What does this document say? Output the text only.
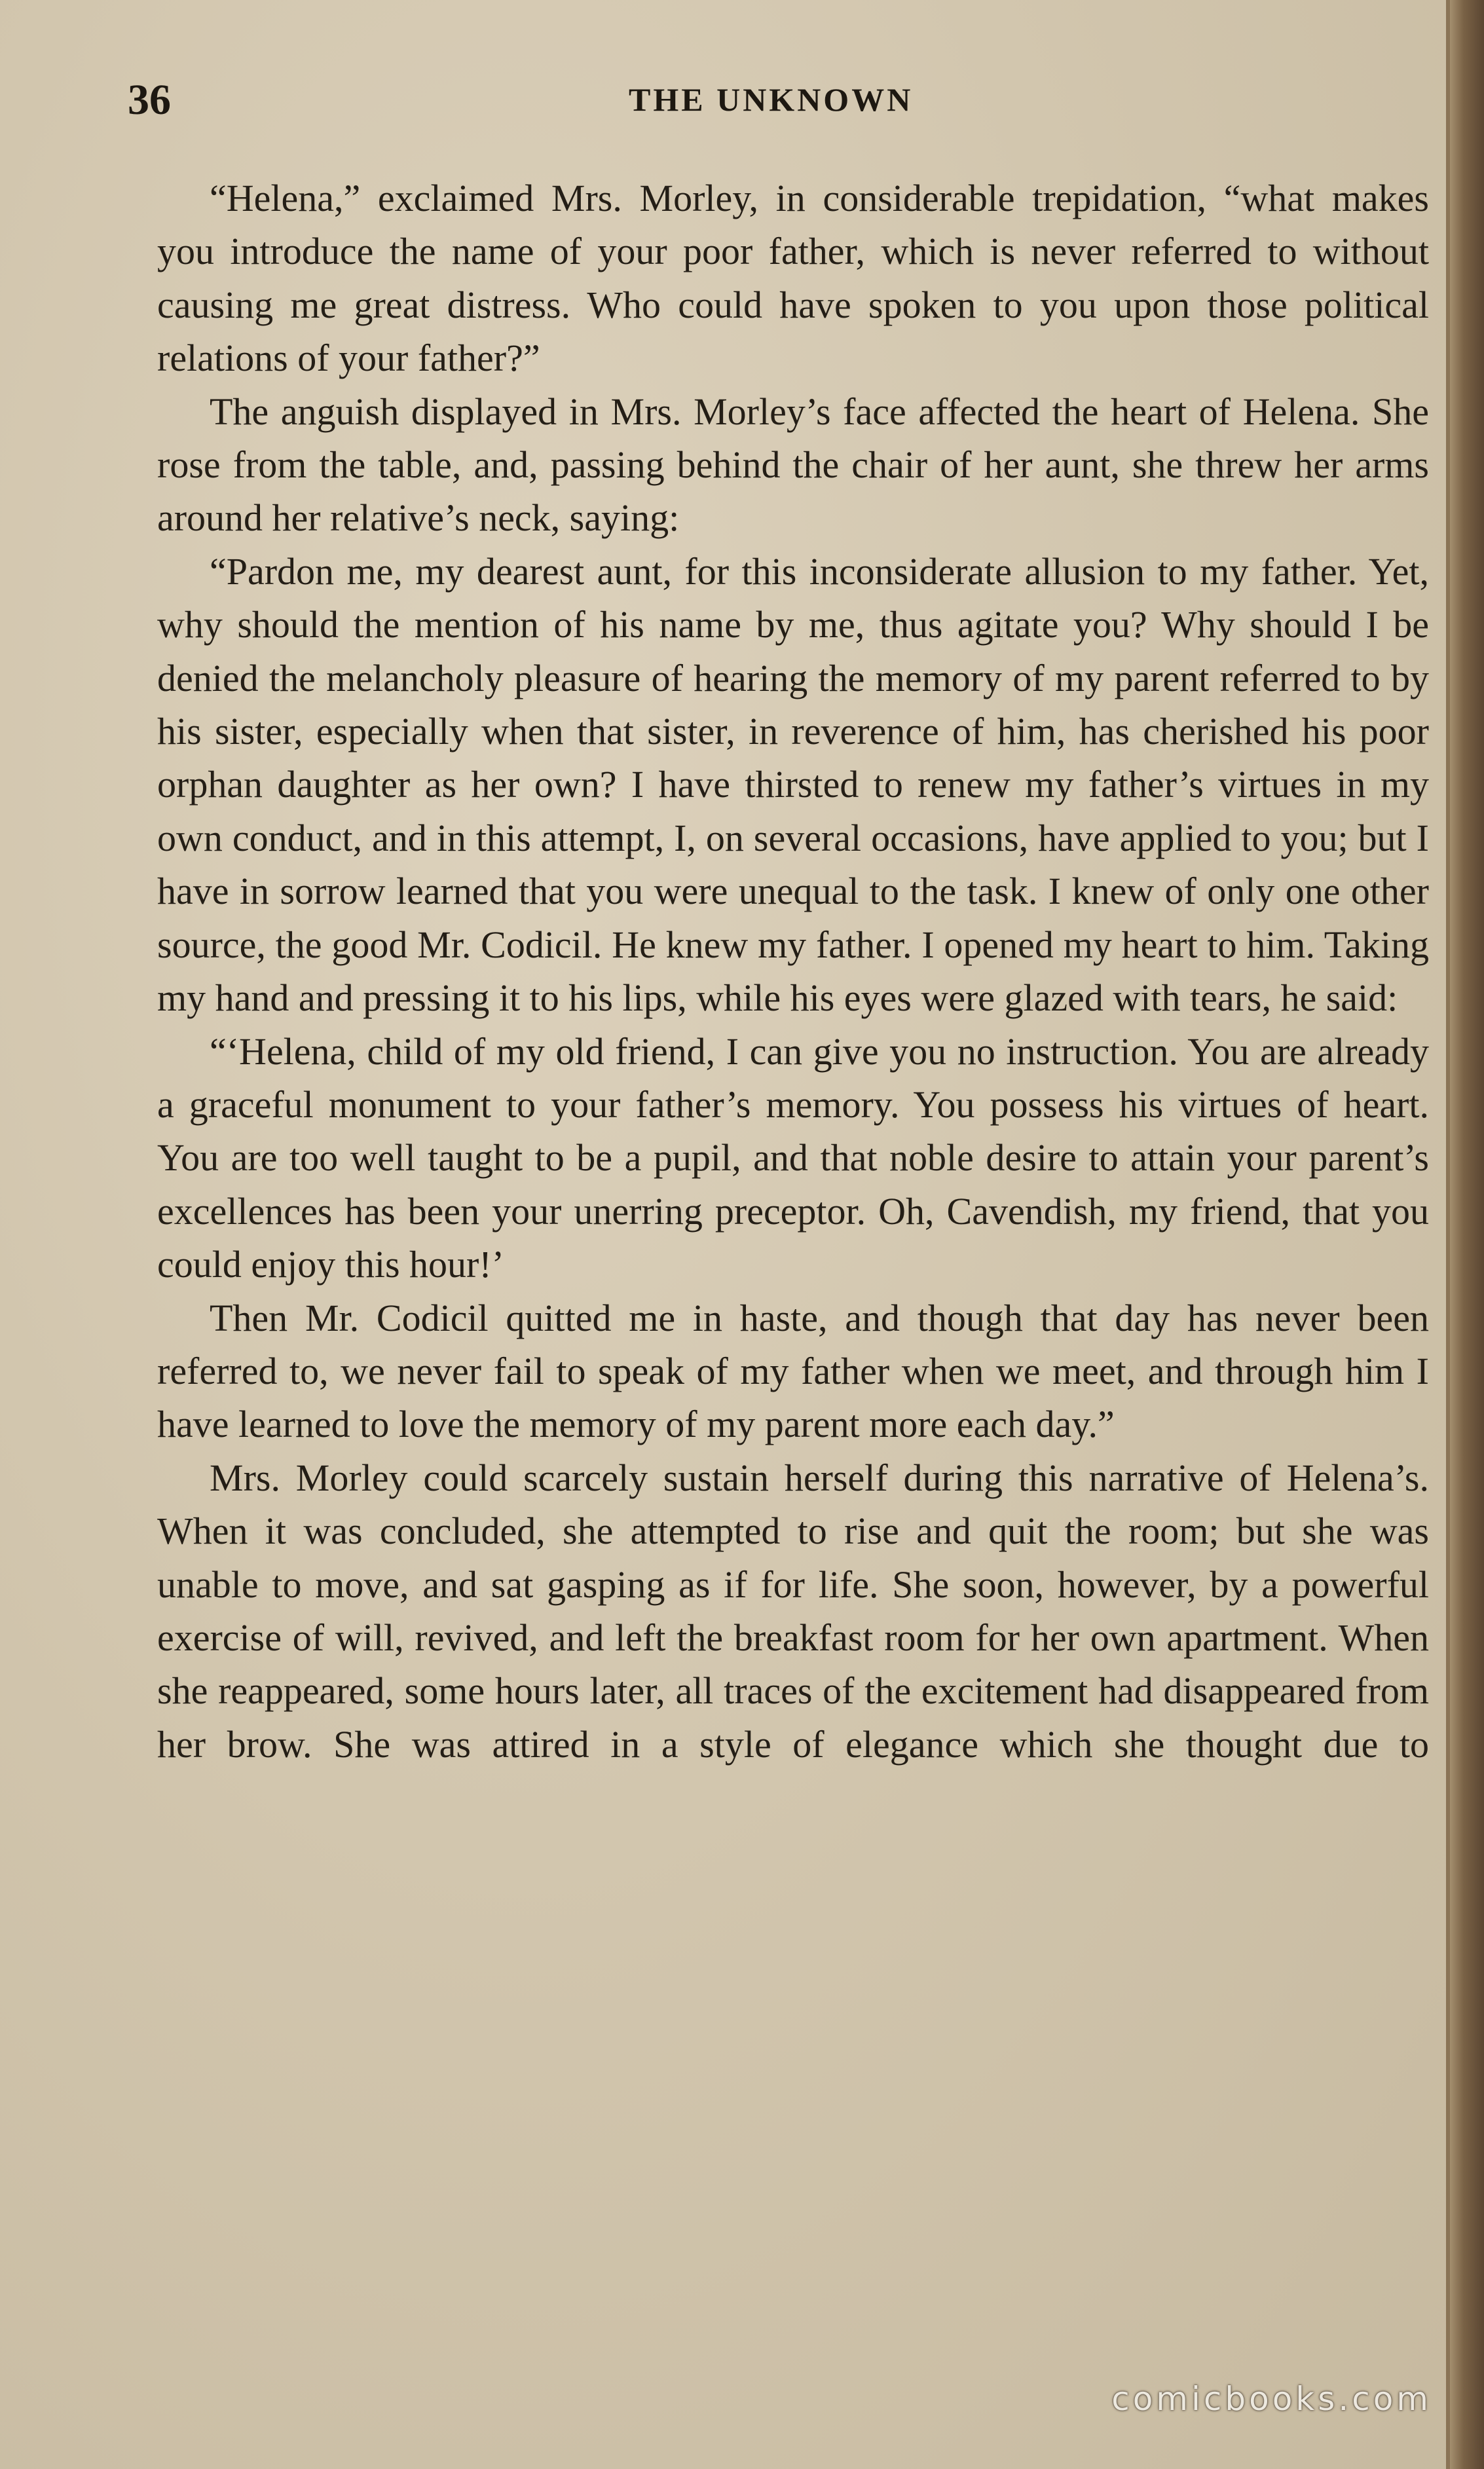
36	THE UNKNOWN

“Helena,” exclaimed Mrs. Morley, in considerable trepidation, “what makes you introduce the name of your poor father, which is never referred to without causing me great distress. Who could have spoken to you upon those political relations of your father?”

The anguish displayed in Mrs. Morley’s face affected the heart of Helena. She rose from the table, and, passing behind the chair of her aunt, she threw her arms around her relative’s neck, saying:

“Pardon me, my dearest aunt, for this inconsiderate allusion to my father. Yet, why should the mention of his name by me, thus agitate you? Why should I be denied the melancholy pleasure of hearing the memory of my parent referred to by his sister, especially when that sister, in reverence of him, has cherished his poor orphan daughter as her own? I have thirsted to renew my father’s virtues in my own conduct, and in this attempt, I, on several occasions, have applied to you; but I have in sorrow learned that you were unequal to the task. I knew of only one other source, the good Mr. Codicil. He knew my father. I opened my heart to him. Taking my hand and pressing it to his lips, while his eyes were glazed with tears, he said:

“‘Helena, child of my old friend, I can give you no instruction. You are already a graceful monument to your father’s memory. You possess his virtues of heart. You are too well taught to be a pupil, and that noble desire to attain your parent’s excellences has been your unerring preceptor. Oh, Cavendish, my friend, that you could enjoy this hour!’

Then Mr. Codicil quitted me in haste, and though that day has never been referred to, we never fail to speak of my father when we meet, and through him I have learned to love the memory of my parent more each day.”

Mrs. Morley could scarcely sustain herself during this narrative of Helena’s. When it was concluded, she attempted to rise and quit the room; but she was unable to move, and sat gasping as if for life. She soon, however, by a powerful exercise of will, revived, and left the breakfast room for her own apartment. When she reappeared, some hours later, all traces of the excitement had disappeared from her brow. She was attired in a style of elegance which she thought due to

comicbooks.com
